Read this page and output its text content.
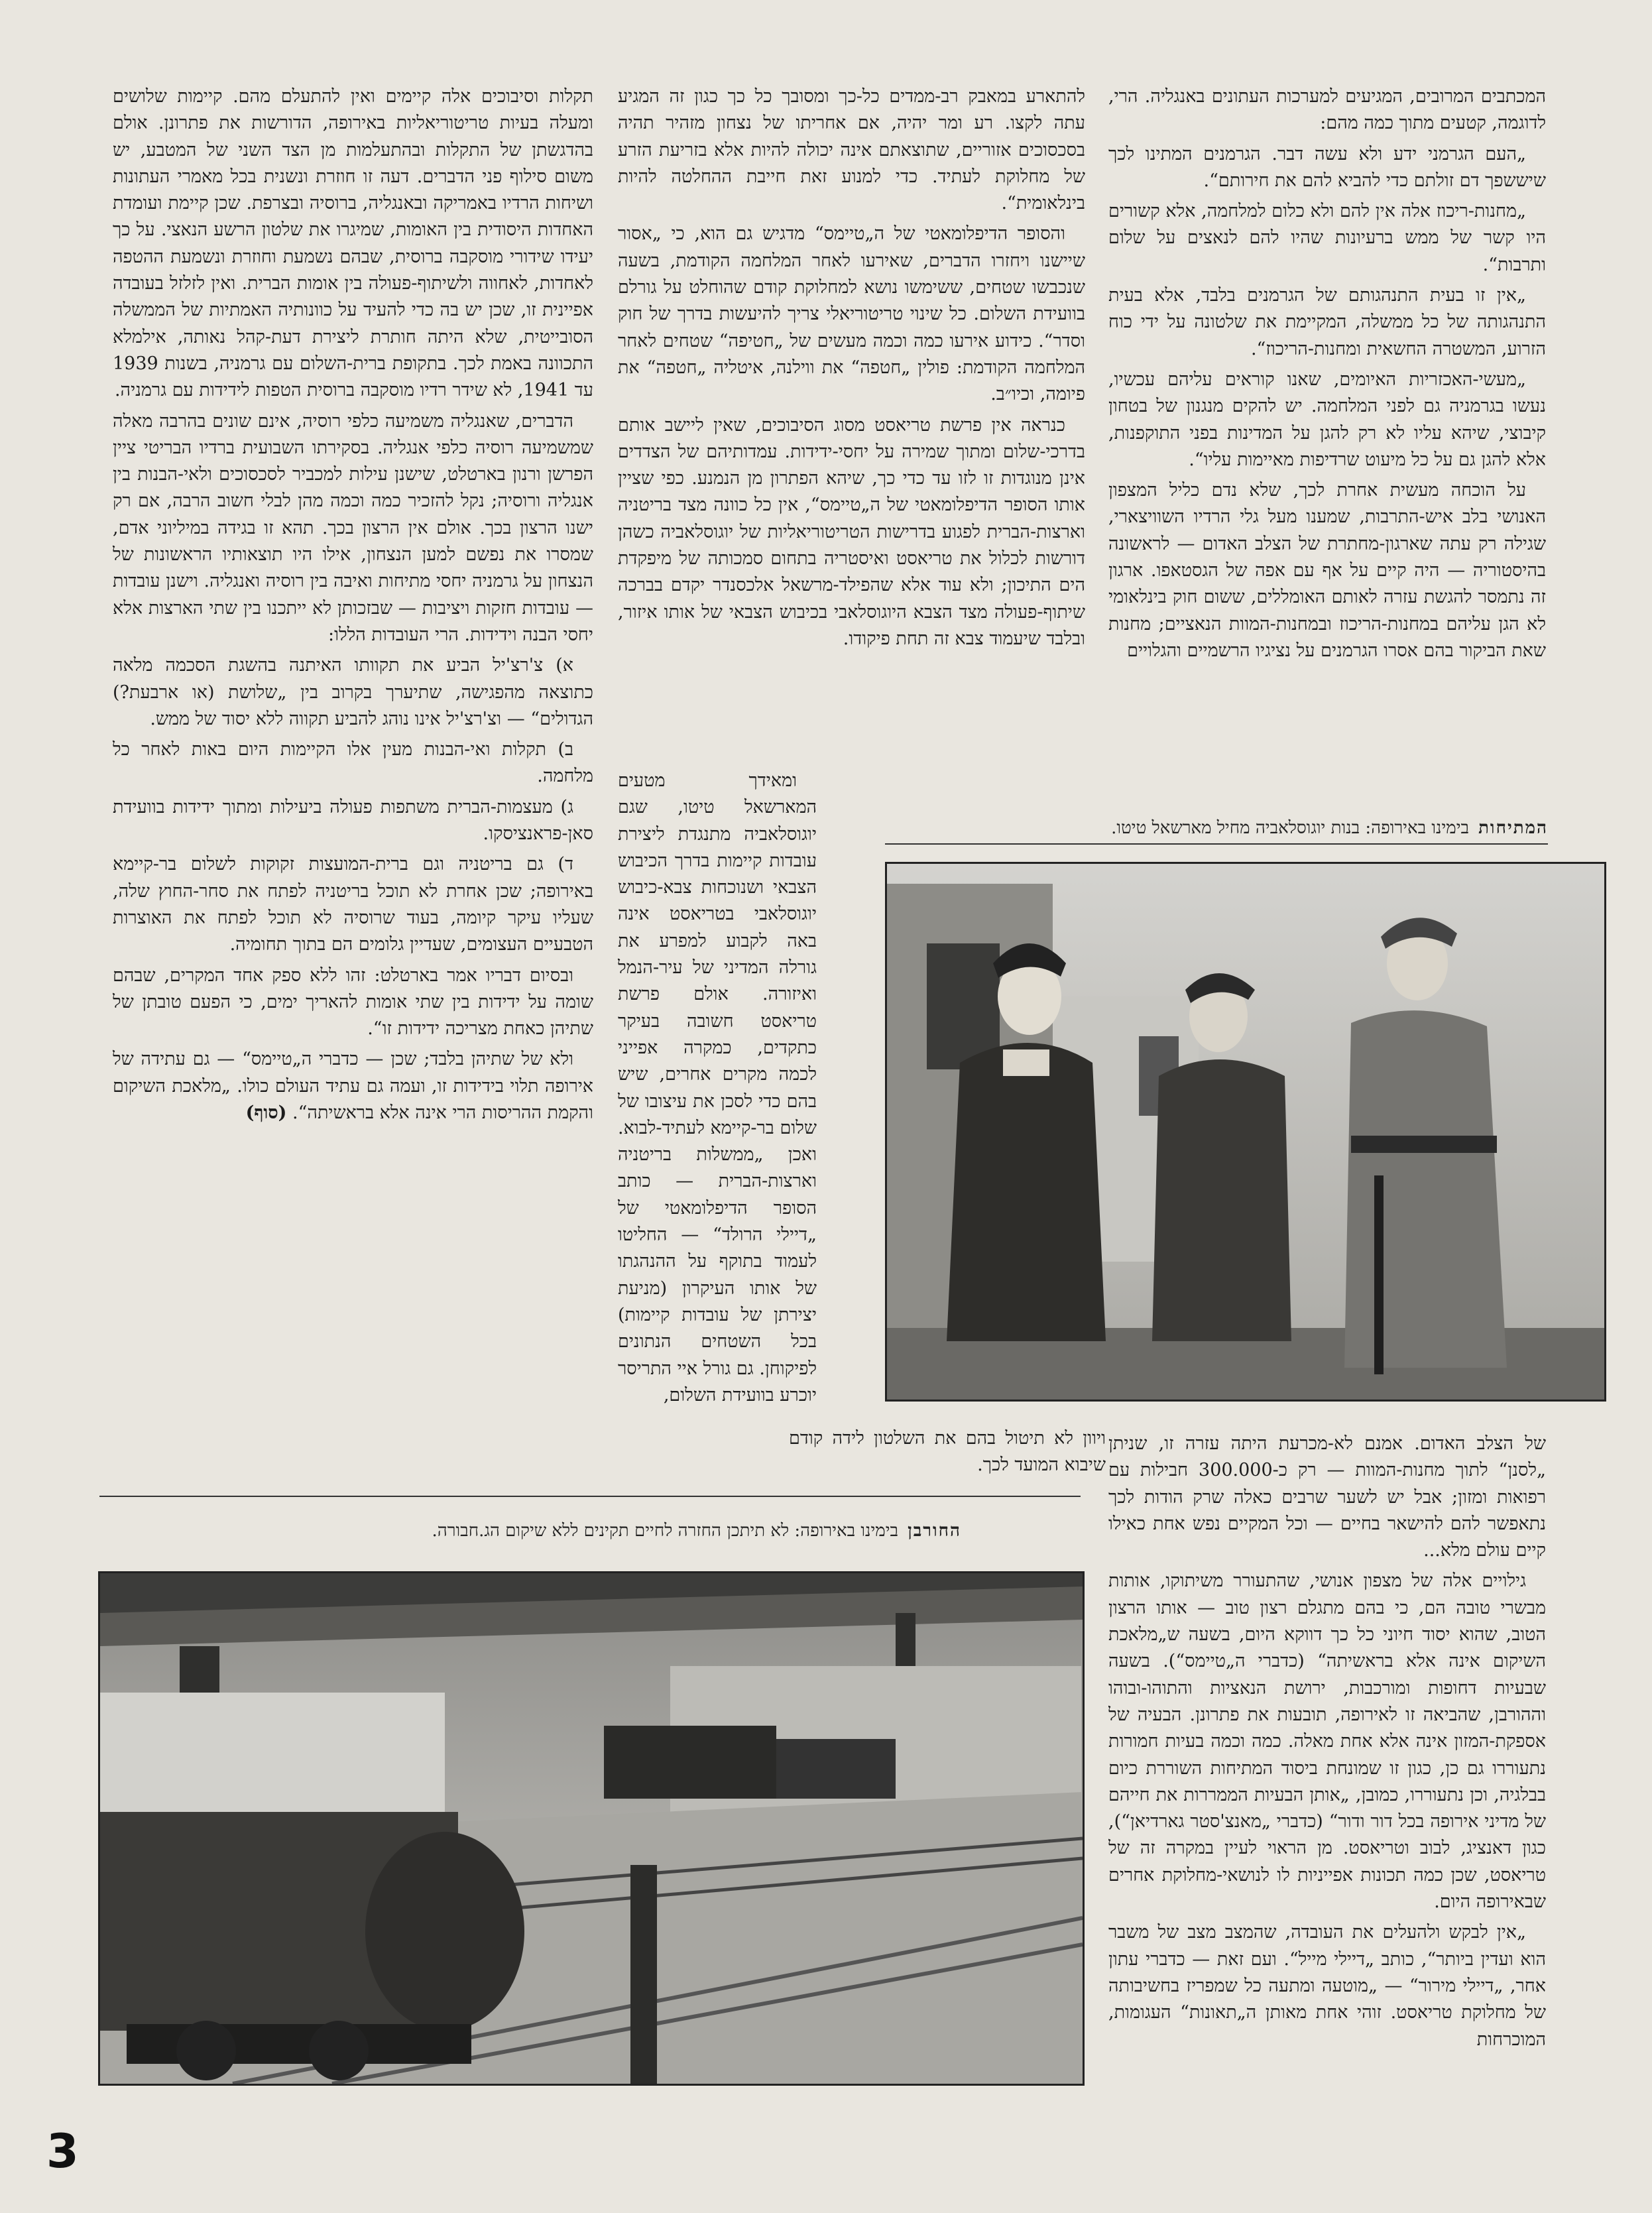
המכתבים המרובים, המגיעים למערכות העתונים באנגליה. הרי, לדוגמה, קטעים מתוך כמה מהם:

„העם הגרמני ידע ולא עשה דבר. הגרמנים המתינו לכך שיששפך דם זולתם כדי להביא להם את חירותם“.

„מחנות-ריכוז אלה אין להם ולא כלום למלחמה, אלא קשורים היו קשר של ממש ברעיונות שהיו להם לנאצים על שלום ותרבות“.

„אין זו בעית התנהגותם של הגרמנים בלבד, אלא בעית התנהגותה של כל ממשלה, המקיימת את שלטונה על ידי כוח הזרוע, המשטרה החשאית ומחנות-הריכוז“.

„מעשי-האכזריות האיומים, שאנו קוראים עליהם עכשיו, נעשו בגרמניה גם לפני המלחמה. יש להקים מנגנון של בטחון קיבוצי, שיהא עליו לא רק להגן על המדינות בפני התוקפנות, אלא להגן גם על כל מיעוט שרדיפות מאיימות עליו“.

על הוכחה מעשית אחרת לכך, שלא נדם כליל המצפון האנושי בלב איש-התרבות, שמענו מעל גלי הרדיו השוויצארי, שגילה רק עתה שארגון-מחתרת של הצלב האדום — לראשונה בהיסטוריה — היה קיים על אף עם אפה של הגסטאפו. ארגון זה נתמסר להגשת עזרה לאותם האומללים, ששום חוק בינלאומי לא הגן עליהם במחנות-הריכוז ובמחנות-המוות הנאציים; מחנות שאת הביקור בהם אסרו הגרמנים על נציגיו הרשמיים והגלויים

להתארע במאבק רב-ממדים כל-כך ומסובך כל כך כגון זה המגיע עתה לקצו. רע ומר יהיה, אם אחריתו של נצחון מזהיר תהיה בסכסוכים אזוריים, שתוצאתם אינה יכולה להיות אלא בזריעת הזרע של מחלוקת לעתיד. כדי למנוע זאת חייבת ההחלטה להיות בינלאומית“.

והסופר הדיפלומאטי של ה„טיימס“ מדגיש גם הוא, כי „אסור שיישנו ויחזרו הדברים, שאירעו לאחר המלחמה הקודמת, בשעה שנכבשו שטחים, ששימשו נושא למחלוקת קודם שהוחלט על גורלם בוועידת השלום. כל שינוי טריטוריאלי צריך להיעשות בדרך של חוק וסדר“. כידוע אירעו כמה וכמה מעשים של „חטיפה“ שטחים לאחר המלחמה הקודמת: פולין „חטפה“ את ווילנה, איטליה „חטפה“ את פיומה, וכיו״ב.

כנראה אין פרשת טריאסט מסוג הסיבוכים, שאין ליישב אותם בדרכי-שלום ומתוך שמירה על יחסי-ידידות. עמדותיהם של הצדדים אינן מנוגדות זו לזו עד כדי כך, שיהא הפתרון מן הנמנע. כפי שציין אותו הסופר הדיפלומאטי של ה„טיימס“, אין כל כוונה מצד בריטניה וארצות-הברית לפגוע בדרישות הטריטוריאליות של יוגוסלאביה כשהן דורשות לכלול את טריאסט ואיסטריה בתחום סמכותה של מיפקדת הים התיכון; ולא עוד אלא שהפילד-מרשאל אלכסנדר יקדם בברכה שיתוף-פעולה מצד הצבא היוגוסלאבי בכיבוש הצבאי של אותו איזור, ובלבד שיעמוד צבא זה תחת פיקודו.

ומאידך מטעים המארשאל טיטו, שגם יוגוסלאביה מתנגדת ליצירת עובדות קיימות בדרך הכיבוש הצבאי ושנוכחות צבא-כיבוש יוגוסלאבי בטריאסט אינה באה לקבוע למפרע את גורלה המדיני של עיר-הנמל ואיזורה. אולם פרשת טריאסט חשובה בעיקר כתקדים, כמקרה אפייני לכמה מקרים אחרים, שיש בהם כדי לסכן את עיצובו של שלום בר-קיימא לעתיד-לבוא. ואכן „ממשלות בריטניה וארצות-הברית — כותב הסופר הדיפלומאטי של „דיילי הרולד“ — החליטו לעמוד בתוקף על ההנהגתו של אותו העיקרון (מניעת יצירתן של עובדות קיימות) בכל השטחים הנתונים לפיקוחן. גם גורל איי התריסר יוכרע בוועידת השלום,

ויוון לא תיטול בהם את השלטון לידה קודם שיבוא המועד לכך.

תקלות וסיבוכים אלה קיימים ואין להתעלם מהם. קיימות שלושים ומעלה בעיות טריטוריאליות באירופה, הדורשות את פתרונן. אולם בהדגשתן של התקלות ובהתעלמות מן הצד השני של המטבע, יש משום סילוף פני הדברים. דעה זו חוזרת ונשנית בכל מאמרי העתונות ושיחות הרדיו באמריקה ובאנגליה, ברוסיה ובצרפת. שכן קיימת ועומדת האחדות היסודית בין האומות, שמיגרו את שלטון הרשע הנאצי. על כך יעידו שידורי מוסקבה ברוסית, שבהם נשמעת וחוזרת ונשמעת ההטפה לאחדות, לאחווה ולשיתוף-פעולה בין אומות הברית. ואין לזלזל בעובדה אפיינית זו, שכן יש בה כדי להעיד על כוונותיה האמתיות של הממשלה הסובייטית, שלא היתה חותרת ליצירת דעת-קהל נאותה, אילמלא התכוונה באמת לכך. בתקופת ברית-השלום עם גרמניה, בשנות 1939 עד 1941, לא שידר רדיו מוסקבה ברוסית הטפות לידידות עם גרמניה.

הדברים, שאנגליה משמיעה כלפי רוסיה, אינם שונים בהרבה מאלה שמשמיעה רוסיה כלפי אנגליה. בסקירתו השבועית ברדיו הבריטי ציין הפרשן ורנון בארטלט, שישנן עילות למכביר לסכסוכים ולאי-הבנות בין אנגליה ורוסיה; נקל להזכיר כמה וכמה מהן לבלי חשוב הרבה, אם רק ישנו הרצון בכך. אולם אין הרצון בכך. תהא זו בגידה במיליוני אדם, שמסרו את נפשם למען הנצחון, אילו היו תוצאותיו הראשונות של הנצחון על גרמניה יחסי מתיחות ואיבה בין רוסיה ואנגליה. וישנן עובדות — עובדות חזקות ויציבות — שבזכותן לא ייתכנו בין שתי הארצות אלא יחסי הבנה וידידות. הרי העובדות הללו:

א) צ'רצ'יל הביע את תקוותו האיתנה בהשגת הסכמה מלאה כתוצאה מהפגישה, שתיערך בקרוב בין „שלושת (או ארבעת?) הגדולים“ — וצ'רצ'יל אינו נוהג להביע תקווה ללא יסוד של ממש.

ב) תקלות ואי-הבנות מעין אלו הקיימות היום באות לאחר כל מלחמה.

ג) מעצמות-הברית משתפות פעולה ביעילות ומתוך ידידות בוועידת סאן-פראנציסקו.

ד) גם בריטניה וגם ברית-המועצות זקוקות לשלום בר-קיימא באירופה; שכן אחרת לא תוכל בריטניה לפתח את סחר-החוץ שלה, שעליו עיקר קיומה, בעוד שרוסיה לא תוכל לפתח את האוצרות הטבעיים העצומים, שעדיין גלומים הם בתוך תחומיה.

ובסיום דבריו אמר בארטלט: זהו ללא ספק אחד המקרים, שבהם שומה על ידידות בין שתי אומות להאריך ימים, כי הפעם טובתן של שתיהן כאחת מצריכה ידידות זו“.

ולא של שתיהן בלבד; שכן — כדברי ה„טיימס“ — גם עתידה של אירופה תלוי בידידות זו, ועמה גם עתיד העולם כולו. „מלאכת השיקום והקמת ההריסות הרי אינה אלא בראשיתה“. (סוף)

המתיחותבימינו באירופה: בנות יוגוסלאביה מחיל מארשאל טיטו.

של הצלב האדום. אמנם לא-מכרעת היתה עזרה זו, שניתן „לסנן“ לתוך מחנות-המוות — רק כ-300.000 חבילות עם רפואות ומזון; אבל יש לשער שרבים כאלה שרק הודות לכך נתאפשר להם להישאר בחיים — וכל המקיים נפש אחת כאילו קיים עולם מלא...

גילויים אלה של מצפון אנושי, שהתעורר משיתוקו, אותות מבשרי טובה הם, כי בהם מתגלם רצון טוב — אותו הרצון הטוב, שהוא יסוד חיוני כל כך דווקא היום, בשעה ש„מלאכת השיקום אינה אלא בראשיתה“ (כדברי ה„טיימס“). בשעה שבעיות דחופות ומורכבות, ירושת הנאציות והתוהו-ובוהו וההורבן, שהביאה זו לאירופה, תובעות את פתרונן. הבעיה של אספקת-המזון אינה אלא אחת מאלה. כמה וכמה בעיות חמורות נתעוררו גם כן, כגון זו שמונחת ביסוד המתיחות השוררת כיום בבלגיה, וכן נתעוררו, כמובן, „אותן הבעיות הממררות את חייהם של מדיני אירופה בכל דור ודור“ (כדברי „מאנצ'סטר גארדיאן“), כגון דאנציג, לבוב וטריאסט. מן הראוי לעיין במקרה זה של טריאסט, שכן כמה תכונות אפייניות לו לנושאי-מחלוקת אחרים שבאירופה היום.

„אין לבקש ולהעלים את העובדה, שהמצב מצב של משבר הוא ועדין ביותר“, כותב „דיילי מייל“. ועם זאת — כדברי עתון אחר, „דיילי מירור“ — „מוטעה ומתעה כל שמפריז בחשיבותה של מחלוקת טריאסט. זוהי אחת מאותן ה„תאונות“ העגומות, המוכרחות

החורבןבימינו באירופה: לא תיתכן החזרה לחיים תקינים ללא שיקום הג.חבורה.
3
